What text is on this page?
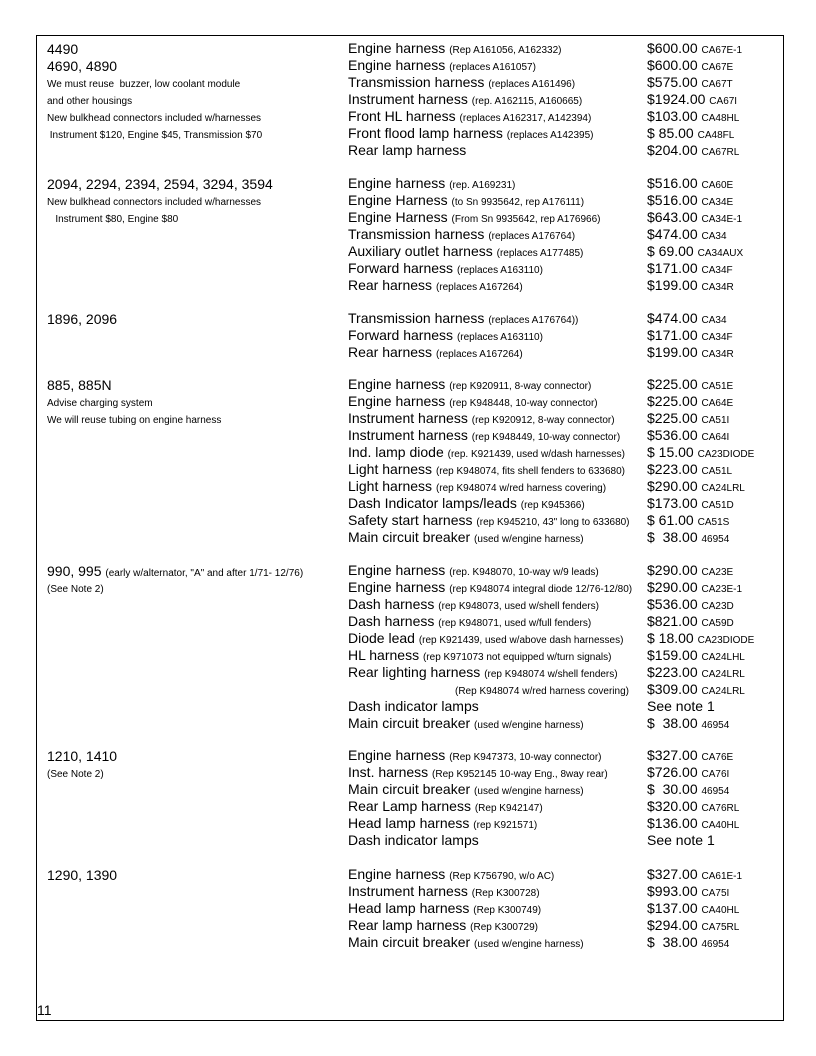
4490	Engine harness (Rep A161056, A162332)	$600.00 CA67E-1
4690, 4890	Engine harness (replaces A161057)	$600.00 CA67E
We must reuse  buzzer, low coolant module	Transmission harness (replaces A161496)	$575.00 CA67T
and other housings	Instrument harness (rep. A162115, A160665)	$1924.00 CA67I
New bulkhead connectors included w/harnesses	Front HL harness (replaces A162317, A142394)	$103.00 CA48HL
Instrument $120, Engine $45, Transmission $70	Front flood lamp harness (replaces A142395)	$ 85.00 CA48FL
Rear lamp harness	$204.00 CA67RL
2094, 2294, 2394, 2594, 3294, 3594	Engine harness (rep. A169231)	$516.00 CA60E
New bulkhead connectors included w/harnesses	Engine Harness (to Sn 9935642, rep A176111)	$516.00 CA34E
Instrument $80, Engine $80	Engine Harness (From Sn 9935642, rep A176966)	$643.00 CA34E-1
Transmission harness (replaces A176764)	$474.00 CA34
Auxiliary outlet harness (replaces A177485)	$ 69.00 CA34AUX
Forward harness (replaces A163110)	$171.00 CA34F
Rear harness (replaces A167264)	$199.00 CA34R
1896, 2096	Transmission harness (replaces A176764))	$474.00 CA34
Forward harness (replaces A163110)	$171.00 CA34F
Rear harness (replaces A167264)	$199.00 CA34R
885, 885N	Engine harness (rep K920911, 8-way connector)	$225.00 CA51E
Advise charging system	Engine harness (rep K948448, 10-way connector)	$225.00 CA64E
We will reuse tubing on engine harness	Instrument harness (rep K920912, 8-way connector) $225.00 CA51I
Instrument harness (rep K948449, 10-way connector) $536.00 CA64I
Ind. lamp diode (rep. K921439, used w/dash harnesses) $ 15.00 CA23DIODE
Light harness (rep K948074, fits shell fenders to 633680) $223.00 CA51L
Light harness (rep K948074 w/red harness covering)	$290.00 CA24LRL
Dash Indicator lamps/leads (rep K945366)	$173.00 CA51D
Safety start harness (rep K945210, 43" long to 633680) $ 61.00 CA51S
Main circuit breaker (used w/engine harness)	$  38.00 46954
990, 995 (early w/alternator, "A" and after 1/71- 12/76)	Engine harness (rep. K948070, 10-way w/9 leads)	$290.00 CA23E
(See Note 2)	Engine harness (rep K948074 integral diode 12/76-12/80) $290.00 CA23E-1
Dash harness (rep K948073, used w/shell fenders)	$536.00 CA23D
Dash harness (rep K948071, used w/full fenders)	$821.00 CA59D
Diode lead (rep K921439, used w/above dash harnesses) $ 18.00 CA23DIODE
HL harness (rep K971073 not equipped w/turn signals)	$159.00 CA24LHL
Rear lighting harness (rep K948074 w/shell fenders) $223.00 CA24LRL
(Rep K948074 w/red harness covering) $309.00 CA24LRL
Dash indicator lamps	See note 1
Main circuit breaker (used w/engine harness)	$  38.00 46954
1210, 1410	Engine harness (Rep K947373, 10-way connector)	$327.00 CA76E
(See Note 2)	Inst. harness (Rep K952145 10-way Eng., 8way rear)	$726.00 CA76I
Main circuit breaker (used w/engine harness)	$  30.00 46954
Rear Lamp harness (Rep K942147)	$320.00 CA76RL
Head lamp harness (rep K921571)	$136.00 CA40HL
Dash indicator lamps	See note 1
1290, 1390	Engine harness (Rep K756790, w/o AC)	$327.00 CA61E-1
Instrument harness (Rep K300728)	$993.00 CA75I
Head lamp harness (Rep K300749)	$137.00 CA40HL
Rear lamp harness (Rep K300729)	$294.00 CA75RL
Main circuit breaker (used w/engine harness)	$  38.00 46954
11
